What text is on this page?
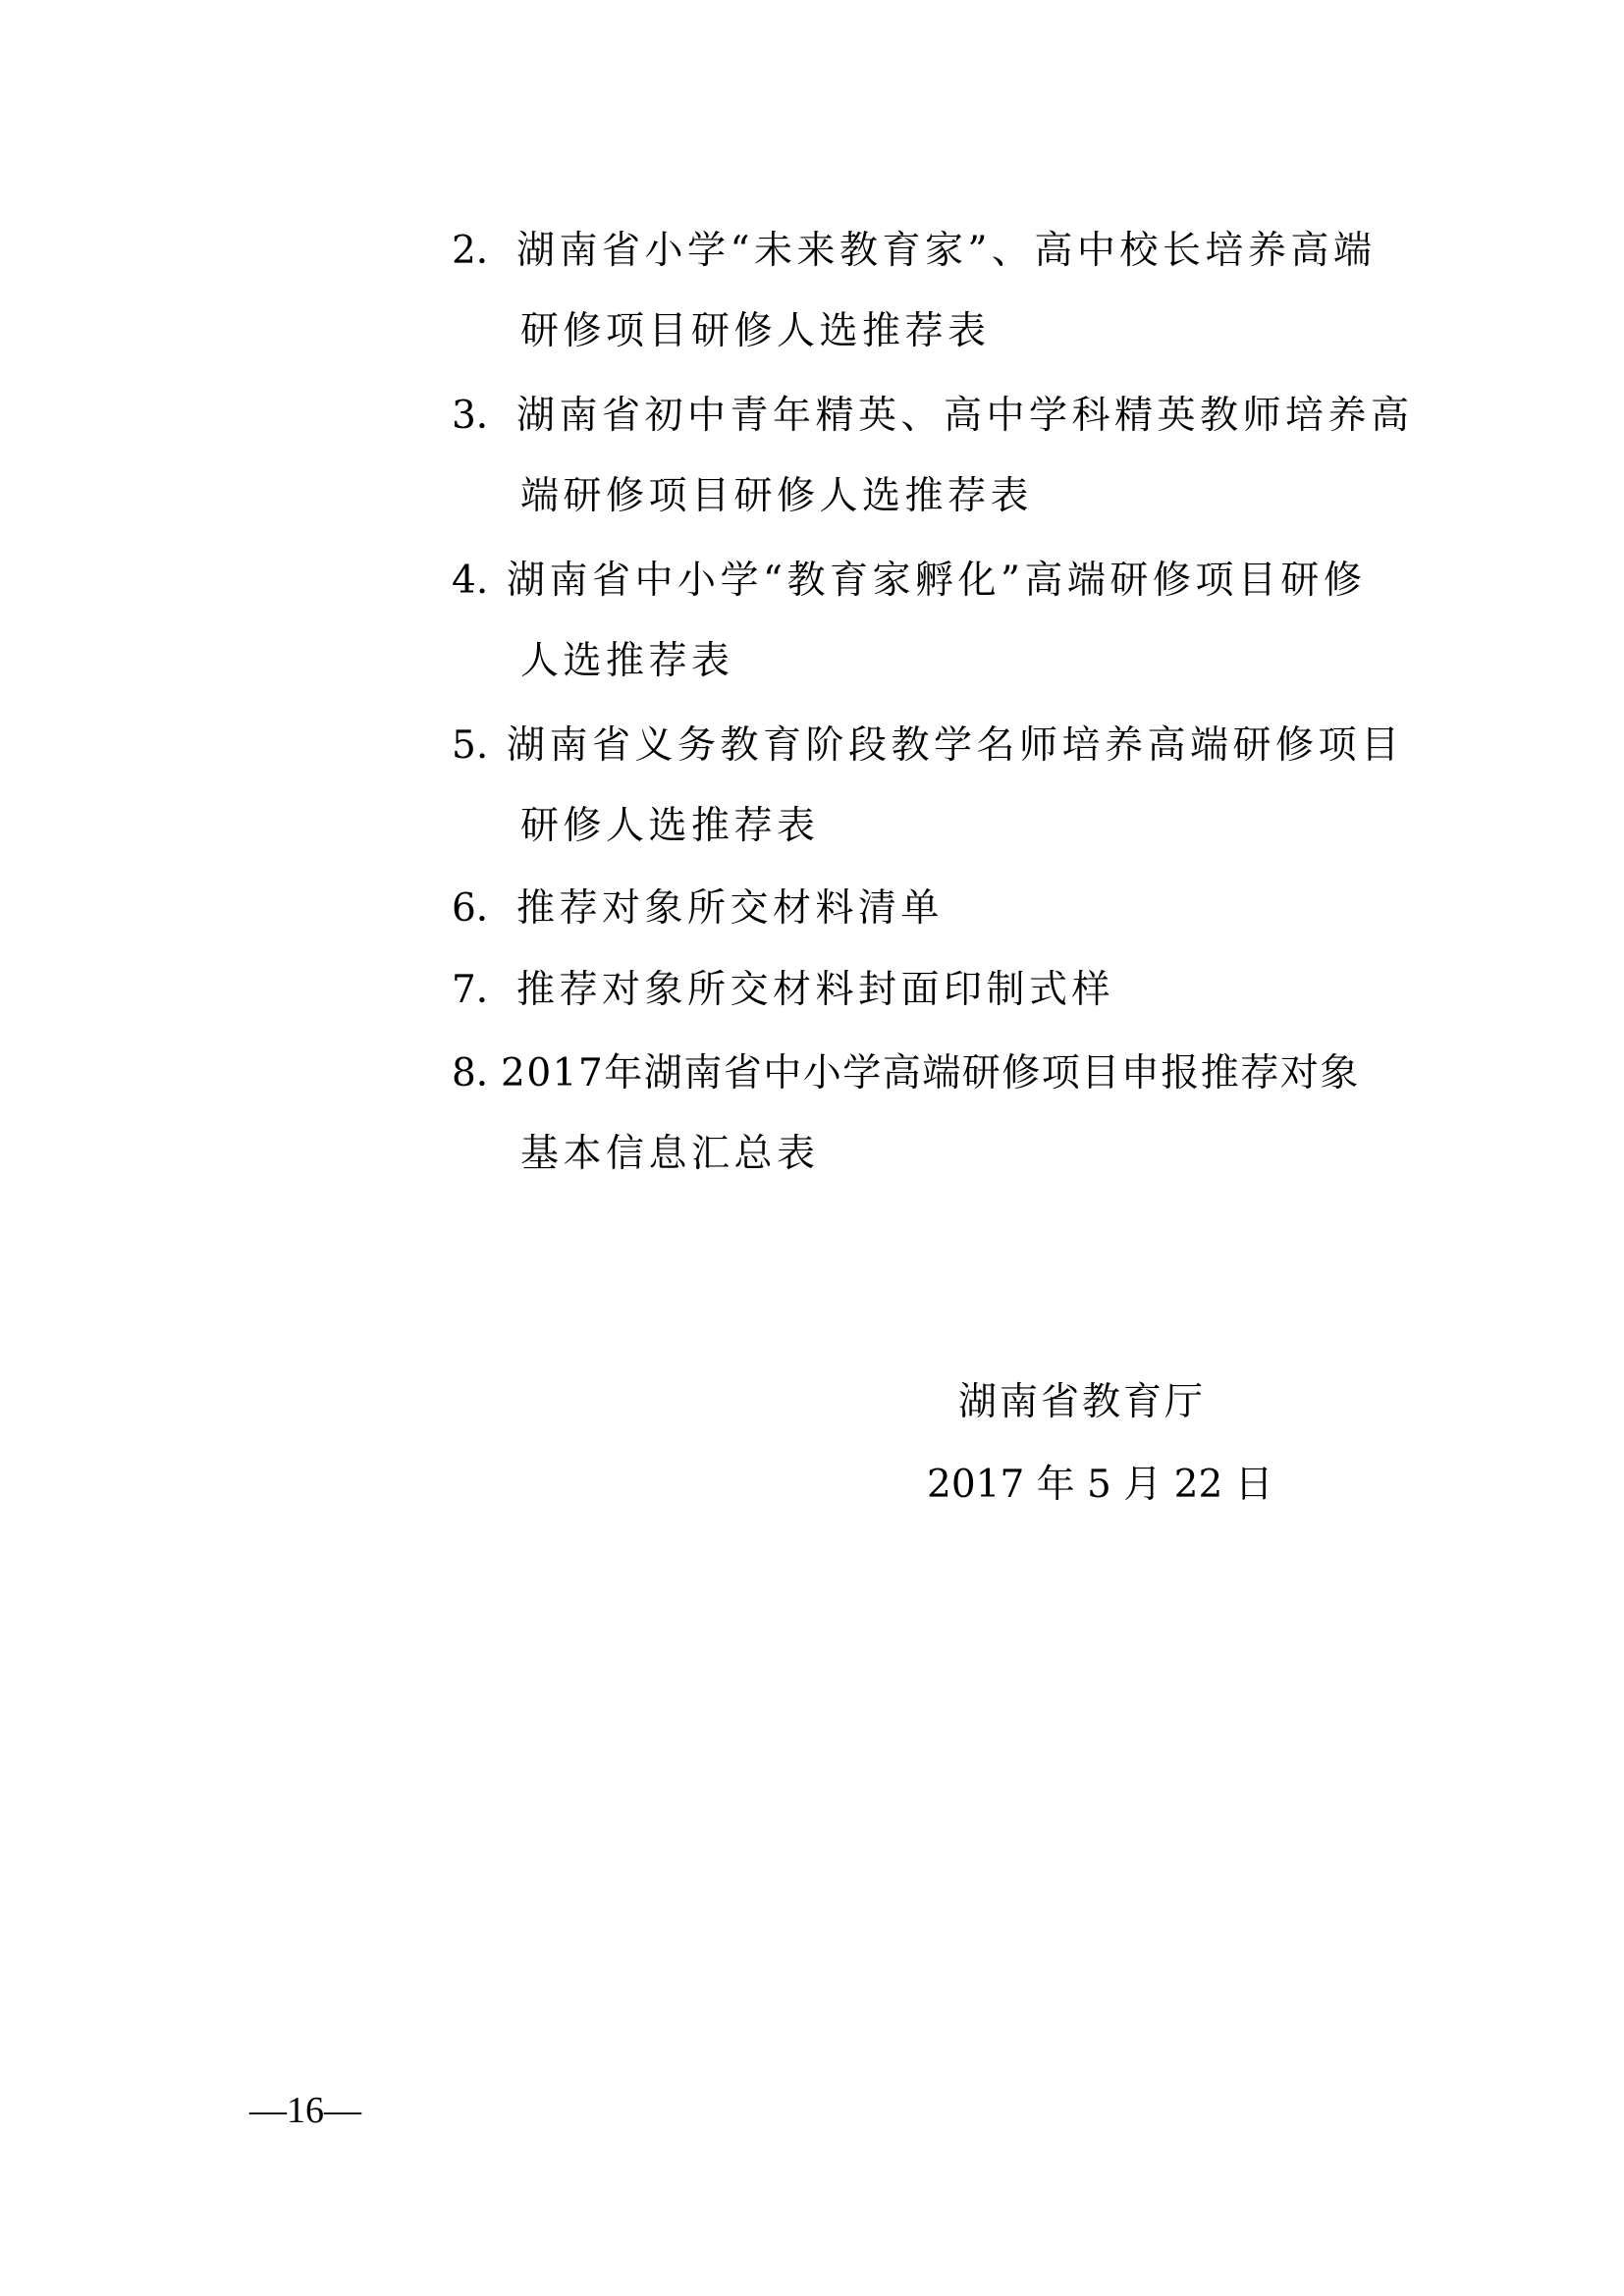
2．湖南省小学“未来教育家”、高中校长培养高端
研修项目研修人选推荐表
3．湖南省初中青年精英、高中学科精英教师培养高
端研修项目研修人选推荐表
4. 湖南省中小学“教育家孵化”高端研修项目研修
人选推荐表
5. 湖南省义务教育阶段教学名师培养高端研修项目
研修人选推荐表
6．推荐对象所交材料清单
7．推荐对象所交材料封面印制式样
8．2017年湖南省中小学高端研修项目申报推荐对象
基本信息汇总表
湖南省教育厅
2017 年 5 月 22 日
—16—
